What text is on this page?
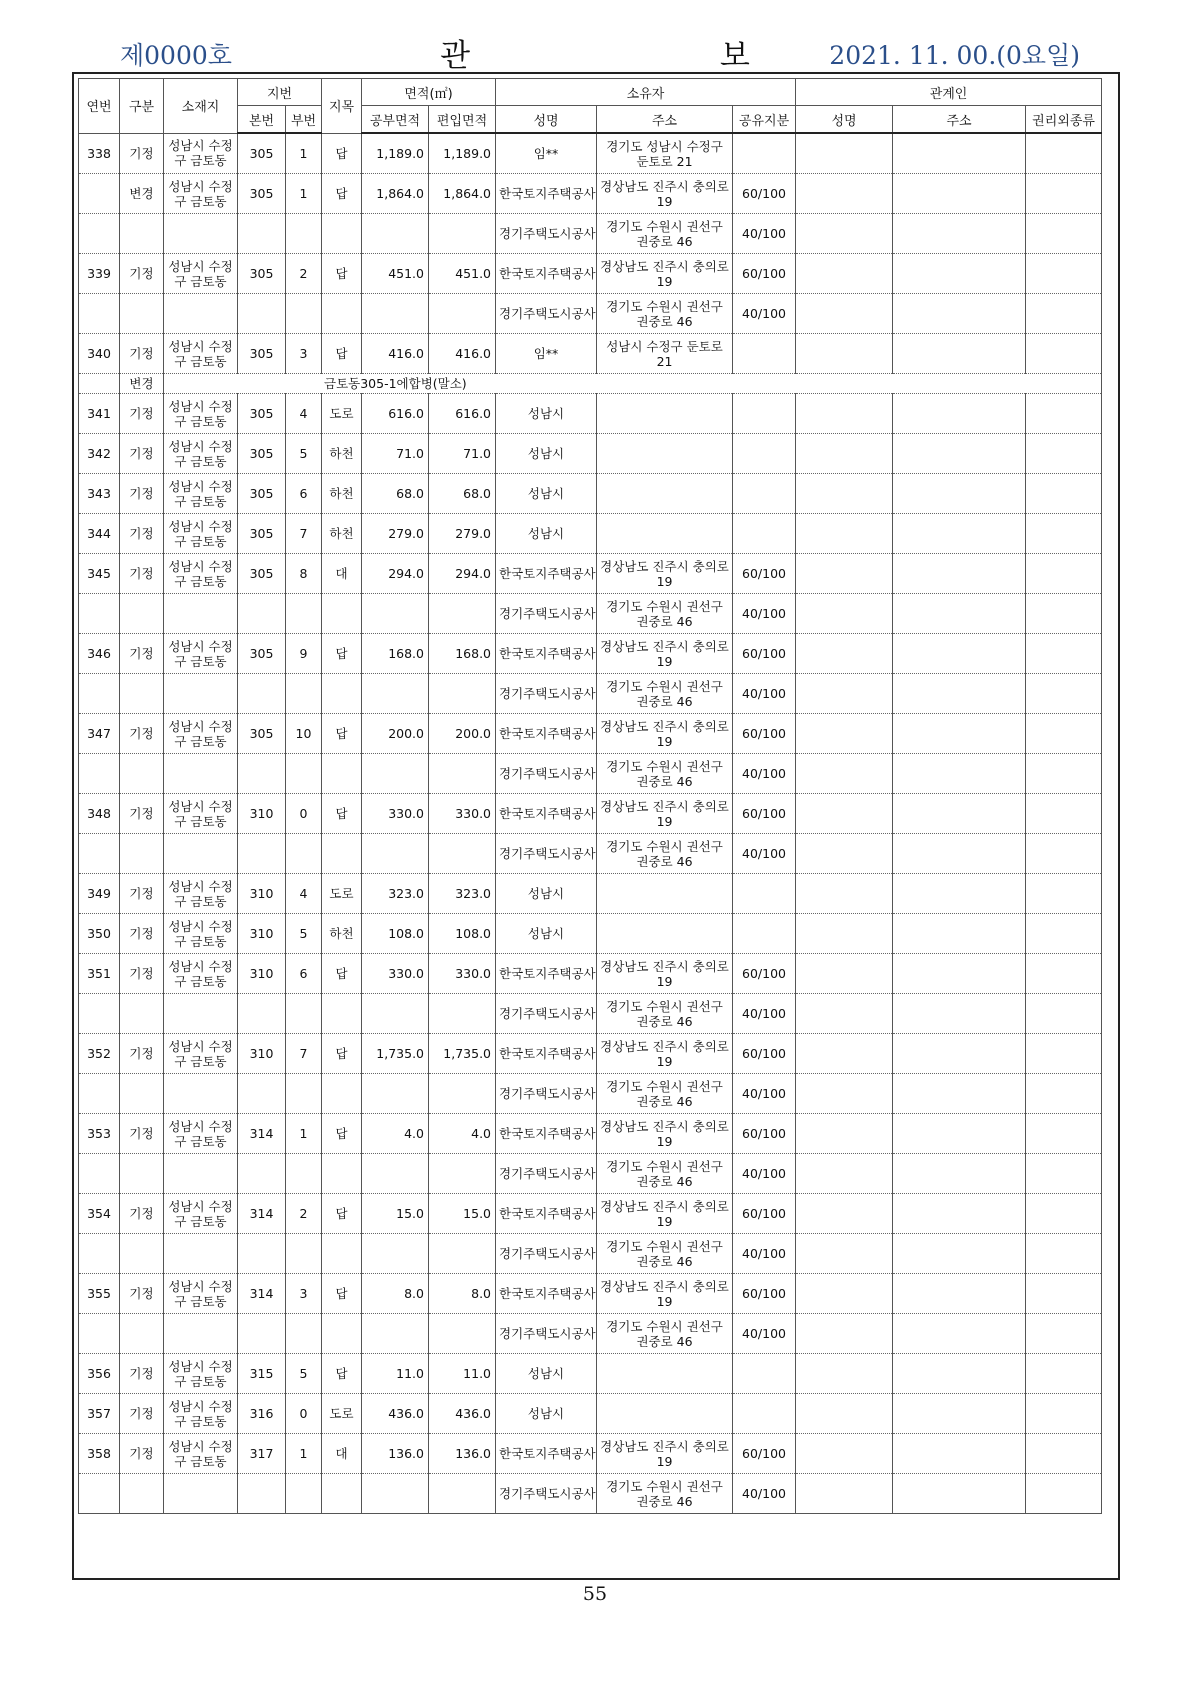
제0000호	관 보
2021. 11. 00.(0요일)
연번	구분	소재지	지번		지목	면적(㎡)		소유자			관계인		
			본번	부번		공부면적	편입면적	성명	주소	공유지분	성명	주소	권리외종류
338	기정	성남시 수정구 금토동	305	1	답	1,189.0	1,189.0	임**	경기도 성남시 수정구 둔토로 21				
	변경	성남시 수정구 금토동	305	1	답	1,864.0	1,864.0	한국토지주택공사	경상남도 진주시 충의로 19	60/100			
								경기주택도시공사	경기도 수원시 권선구 권중로 46	40/100			
339	기정	성남시 수정구 금토동	305	2	답	451.0	451.0	한국토지주택공사	경상남도 진주시 충의로 19	60/100			
								경기주택도시공사	경기도 수원시 권선구 권중로 46	40/100			
340	기정	성남시 수정구 금토동	305	3	답	416.0	416.0	임**	성남시 수정구 둔토로 21				
	변경	금토동305-1에합병(말소)											
341	기정	성남시 수정구 금토동	305	4	도로	616.0	616.0	성남시					
342	기정	성남시 수정구 금토동	305	5	하천	71.0	71.0	성남시					
343	기정	성남시 수정구 금토동	305	6	하천	68.0	68.0	성남시					
344	기정	성남시 수정구 금토동	305	7	하천	279.0	279.0	성남시					
345	기정	성남시 수정구 금토동	305	8	대	294.0	294.0	한국토지주택공사	경상남도 진주시 충의로 19	60/100			
								경기주택도시공사	경기도 수원시 권선구 권중로 46	40/100			
346	기정	성남시 수정구 금토동	305	9	답	168.0	168.0	한국토지주택공사	경상남도 진주시 충의로 19	60/100			
								경기주택도시공사	경기도 수원시 권선구 권중로 46	40/100			
347	기정	성남시 수정구 금토동	305	10	답	200.0	200.0	한국토지주택공사	경상남도 진주시 충의로 19	60/100			
								경기주택도시공사	경기도 수원시 권선구 권중로 46	40/100			
348	기정	성남시 수정구 금토동	310	0	답	330.0	330.0	한국토지주택공사	경상남도 진주시 충의로 19	60/100			
								경기주택도시공사	경기도 수원시 권선구 권중로 46	40/100			
349	기정	성남시 수정구 금토동	310	4	도로	323.0	323.0	성남시					
350	기정	성남시 수정구 금토동	310	5	하천	108.0	108.0	성남시					
351	기정	성남시 수정구 금토동	310	6	답	330.0	330.0	한국토지주택공사	경상남도 진주시 충의로 19	60/100			
								경기주택도시공사	경기도 수원시 권선구 권중로 46	40/100			
352	기정	성남시 수정구 금토동	310	7	답	1,735.0	1,735.0	한국토지주택공사	경상남도 진주시 충의로 19	60/100			
								경기주택도시공사	경기도 수원시 권선구 권중로 46	40/100			
353	기정	성남시 수정구 금토동	314	1	답	4.0	4.0	한국토지주택공사	경상남도 진주시 충의로 19	60/100			
								경기주택도시공사	경기도 수원시 권선구 권중로 46	40/100			
354	기정	성남시 수정구 금토동	314	2	답	15.0	15.0	한국토지주택공사	경상남도 진주시 충의로 19	60/100			
								경기주택도시공사	경기도 수원시 권선구 권중로 46	40/100			
355	기정	성남시 수정구 금토동	314	3	답	8.0	8.0	한국토지주택공사	경상남도 진주시 충의로 19	60/100			
								경기주택도시공사	경기도 수원시 권선구 권중로 46	40/100			
356	기정	성남시 수정구 금토동	315	5	답	11.0	11.0	성남시					
357	기정	성남시 수정구 금토동	316	0	도로	436.0	436.0	성남시					
358	기정	성남시 수정구 금토동	317	1	대	136.0	136.0	한국토지주택공사	경상남도 진주시 충의로 19	60/100			
								경기주택도시공사	경기도 수원시 권선구 권중로 46	40/100			
55
